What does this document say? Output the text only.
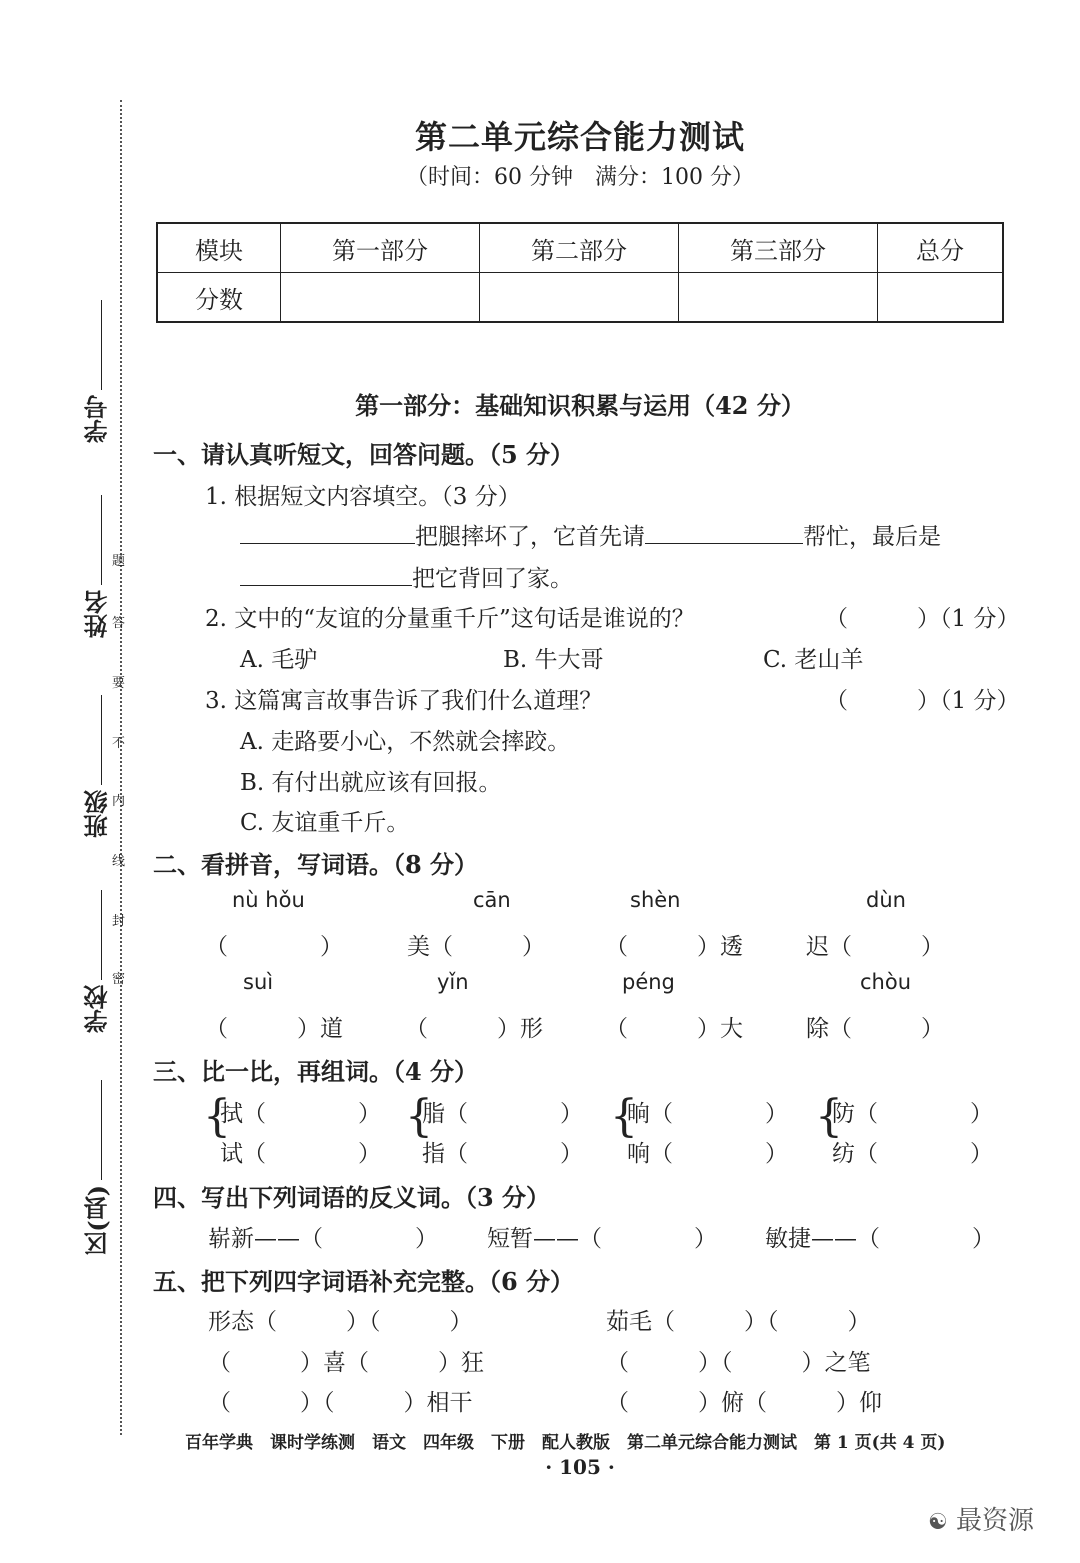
学号
姓名
班级
学校
区(县)
题
答
要
不
内
线
封
密
第二单元综合能力测试
（时间：60 分钟　满分：100 分）
模块	第一部分	第二部分	第三部分	总分
分数				
第一部分：基础知识积累与运用（42 分）
一、请认真听短文，回答问题。（5 分）
1. 根据短文内容填空。（3 分）
把腿摔坏了，它首先请	帮忙，最后是
把它背回了家。
2. 文中的“友谊的分量重千斤”这句话是谁说的？	（　　　）（1 分）
A. 毛驴	B. 牛大哥	C. 老山羊
3. 这篇寓言故事告诉了我们什么道理？	（　　　）（1 分）
A. 走路要小心，不然就会摔跤。
B. 有付出就应该有回报。
C. 友谊重千斤。
二、看拼音，写词语。（8 分）
nù hǒu	cān	shèn	dùn
（　　　　）	美（　　　）	（　　　）透	迟（　　　）
suì	yǐn	péng	chòu
（　　　）道	（　　　）形	（　　　）大	除（　　　）
三、比一比，再组词。（4 分）
{
拭（　　　　）
试（　　　　）
{
脂（　　　　）
指（　　　　）
{
晌（　　　　）
响（　　　　）
{
防（　　　　）
纺（　　　　）
四、写出下列词语的反义词。（3 分）
崭新——（　　　　） 短暂——（　　　　） 敏捷——（　　　　）
五、把下列四字词语补充完整。（6 分）
形态（　　　）（　　　）	茹毛（　　　）（　　　）
（　　　）喜（　　　）狂	（　　　）（　　　）之笔
（　　　）（　　　）相干	（　　　）俯（　　　）仰
百年学典　课时学练测　语文　四年级　下册　配人教版　第二单元综合能力测试　第 1 页(共 4 页)
· 105 ·
☯ 最资源
